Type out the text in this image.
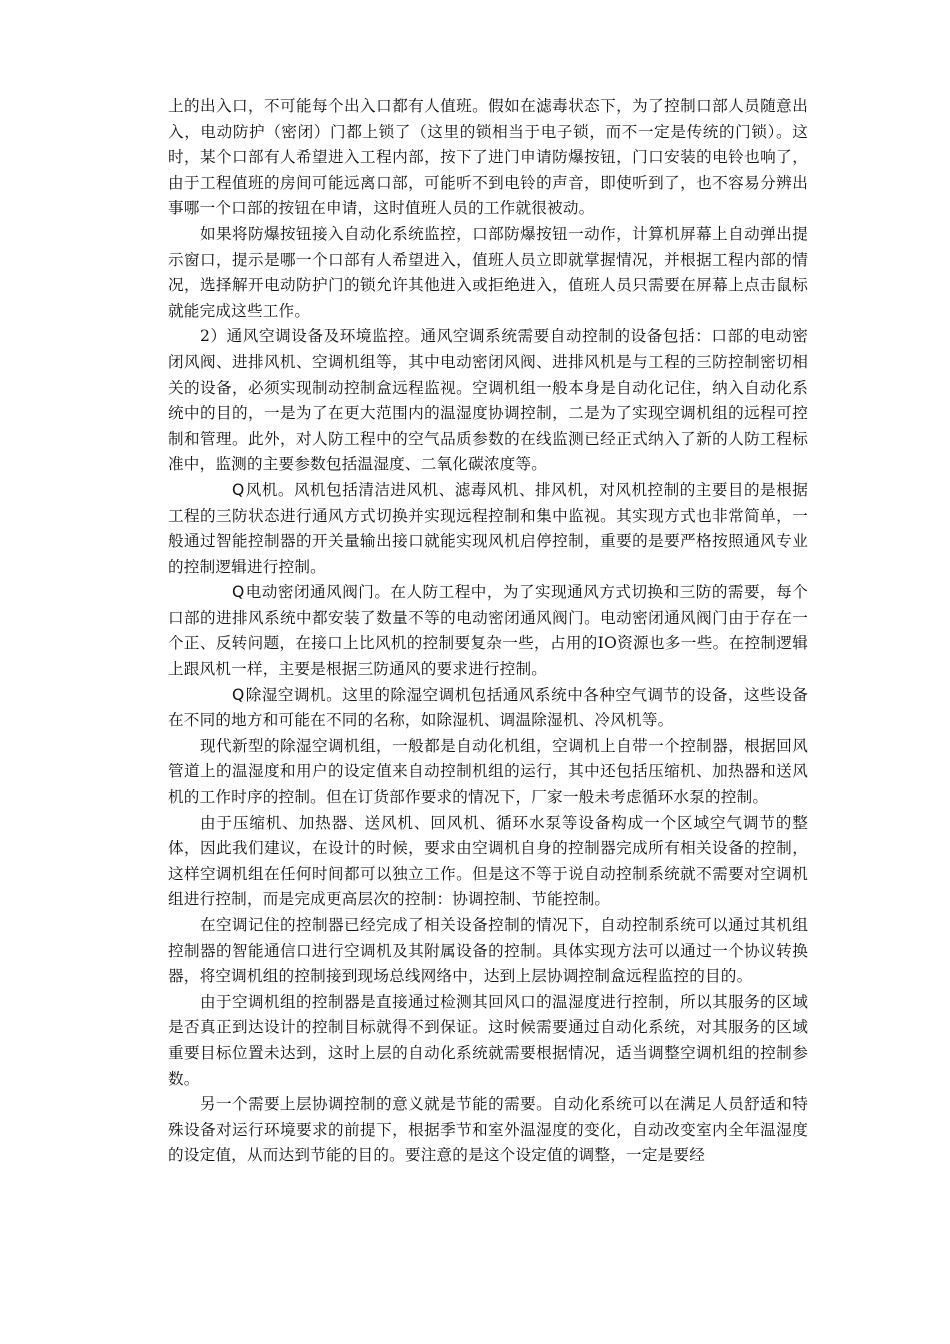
上的出入口，不可能每个出入口都有人值班。假如在滤毒状态下，为了控制口部人员随意出入，电动防护（密闭）门都上锁了（这里的锁相当于电子锁，而不一定是传统的门锁）。这时，某个口部有人希望进入工程内部，按下了进门申请防爆按钮，门口安装的电铃也响了，由于工程值班的房间可能远离口部，可能听不到电铃的声音，即使听到了，也不容易分辨出事哪一个口部的按钮在申请，这时值班人员的工作就很被动。

如果将防爆按钮接入自动化系统监控，口部防爆按钮一动作，计算机屏幕上自动弹出提示窗口，提示是哪一个口部有人希望进入，值班人员立即就掌握情况，并根据工程内部的情况，选择解开电动防护门的锁允许其他进入或拒绝进入，值班人员只需要在屏幕上点击鼠标就能完成这些工作。

2）通风空调设备及环境监控。通风空调系统需要自动控制的设备包括：口部的电动密闭风阀、进排风机、空调机组等，其中电动密闭风阀、进排风机是与工程的三防控制密切相关的设备，必须实现制动控制盒远程监视。空调机组一般本身是自动化记住，纳入自动化系统中的目的，一是为了在更大范围内的温湿度协调控制，二是为了实现空调机组的远程可控制和管理。此外，对人防工程中的空气品质参数的在线监测已经正式纳入了新的人防工程标准中，监测的主要参数包括温湿度、二氧化碳浓度等。

Q风机。风机包括清洁进风机、滤毒风机、排风机，对风机控制的主要目的是根据工程的三防状态进行通风方式切换并实现远程控制和集中监视。其实现方式也非常简单，一般通过智能控制器的开关量输出接口就能实现风机启停控制，重要的是要严格按照通风专业的控制逻辑进行控制。

Q电动密闭通风阀门。在人防工程中，为了实现通风方式切换和三防的需要，每个口部的进排风系统中都安装了数量不等的电动密闭通风阀门。电动密闭通风阀门由于存在一个正、反转问题，在接口上比风机的控制要复杂一些，占用的IO资源也多一些。在控制逻辑上跟风机一样，主要是根据三防通风的要求进行控制。

Q除湿空调机。这里的除湿空调机包括通风系统中各种空气调节的设备，这些设备在不同的地方和可能在不同的名称，如除湿机、调温除湿机、冷风机等。

现代新型的除湿空调机组，一般都是自动化机组，空调机上自带一个控制器，根据回风管道上的温湿度和用户的设定值来自动控制机组的运行，其中还包括压缩机、加热器和送风机的工作时序的控制。但在订货部作要求的情况下，厂家一般未考虑循环水泵的控制。

由于压缩机、加热器、送风机、回风机、循环水泵等设备构成一个区域空气调节的整体，因此我们建议，在设计的时候，要求由空调机自身的控制器完成所有相关设备的控制，这样空调机组在任何时间都可以独立工作。但是这不等于说自动控制系统就不需要对空调机组进行控制，而是完成更高层次的控制：协调控制、节能控制。

在空调记住的控制器已经完成了相关设备控制的情况下，自动控制系统可以通过其机组控制器的智能通信口进行空调机及其附属设备的控制。具体实现方法可以通过一个协议转换器，将空调机组的控制接到现场总线网络中，达到上层协调控制盒远程监控的目的。

由于空调机组的控制器是直接通过检测其回风口的温湿度进行控制，所以其服务的区域是否真正到达设计的控制目标就得不到保证。这时候需要通过自动化系统，对其服务的区域重要目标位置未达到，这时上层的自动化系统就需要根据情况，适当调整空调机组的控制参数。

另一个需要上层协调控制的意义就是节能的需要。自动化系统可以在满足人员舒适和特殊设备对运行环境要求的前提下，根据季节和室外温湿度的变化，自动改变室内全年温湿度的设定值，从而达到节能的目的。要注意的是这个设定值的调整，一定是要经
